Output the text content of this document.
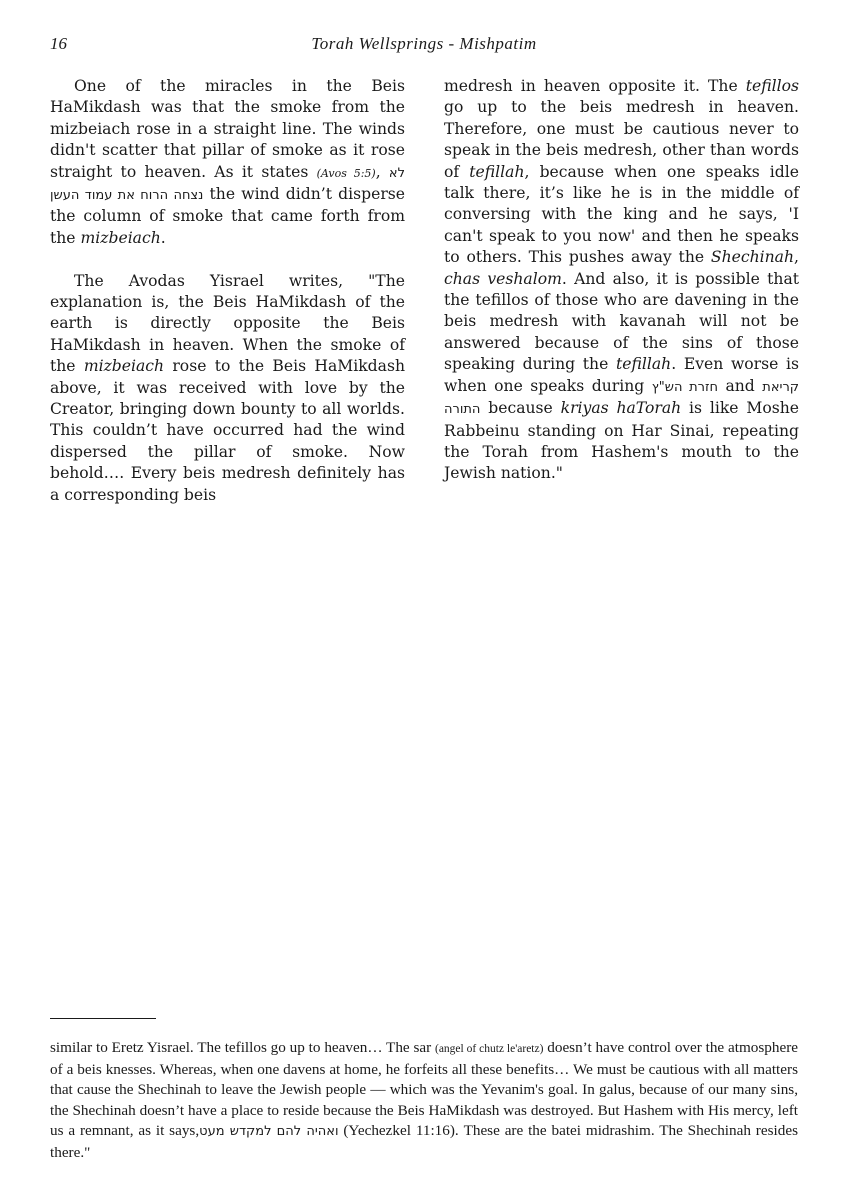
16	Torah Wellsprings - Mishpatim

One of the miracles in the Beis HaMikdash was that the smoke from the mizbeiach rose in a straight line. The winds didn't scatter that pillar of smoke as it rose straight to heaven. As it states (Avos 5:5), לא נצחה הרוח את עמוד העשן the wind didn’t disperse the column of smoke that came forth from the mizbeiach.

The Avodas Yisrael writes, "The explanation is, the Beis HaMikdash of the earth is directly opposite the Beis HaMikdash in heaven. When the smoke of the mizbeiach rose to the Beis HaMikdash above, it was received with love by the Creator, bringing down bounty to all worlds. This couldn’t have occurred had the wind dispersed the pillar of smoke. Now behold…. Every beis medresh definitely has a corresponding beis

medresh in heaven opposite it. The tefillos go up to the beis medresh in heaven. Therefore, one must be cautious never to speak in the beis medresh, other than words of tefillah, because when one speaks idle talk there, it’s like he is in the middle of conversing with the king and he says, 'I can't speak to you now' and then he speaks to others. This pushes away the Shechinah, chas veshalom. And also, it is possible that the tefillos of those who are davening in the beis medresh with kavanah will not be answered because of the sins of those speaking during the tefillah. Even worse is when one speaks during חזרת הש"ץ and קריאת התורה because kriyas haTorah is like Moshe Rabbeinu standing on Har Sinai, repeating the Torah from Hashem's mouth to the Jewish nation."

similar to Eretz Yisrael. The tefillos go up to heaven… The sar (angel of chutz le'aretz) doesn’t have control over the atmosphere of a beis knesses. Whereas, when one davens at home, he forfeits all these benefits… We must be cautious with all matters that cause the Shechinah to leave the Jewish people — which was the Yevanim's goal. In galus, because of our many sins, the Shechinah doesn’t have a place to reside because the Beis HaMikdash was destroyed. But Hashem with His mercy, left us a remnant, as it says,ואהיה להם למקדש מעט (Yechezkel 11:16). These are the batei midrashim. The Shechinah resides there."
